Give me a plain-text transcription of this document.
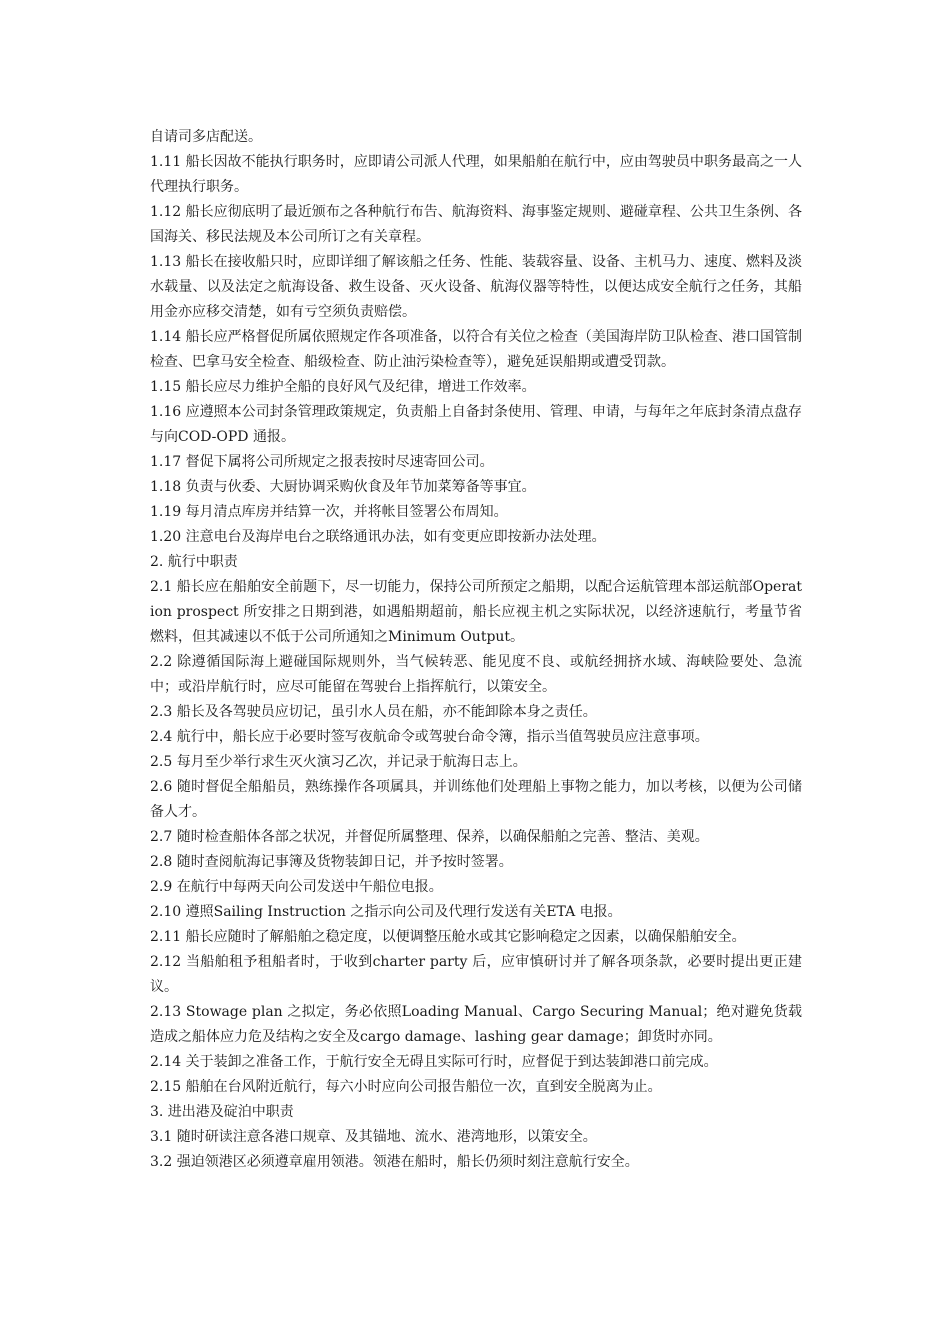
自请司多店配送。

1.11 船长因故不能执行职务时，应即请公司派人代理，如果船舶在航行中，应由驾驶员中职务最高之一人代理执行职务。

1.12 船长应彻底明了最近颁布之各种航行布告、航海资料、海事鉴定规则、避碰章程、公共卫生条例、各国海关、移民法规及本公司所订之有关章程。

1.13 船长在接收船只时，应即详细了解该船之任务、性能、装载容量、设备、主机马力、速度、燃料及淡水载量、以及法定之航海设备、救生设备、灭火设备、航海仪器等特性，以便达成安全航行之任务，其船用金亦应移交清楚，如有亏空须负责赔偿。

1.14 船长应严格督促所属依照规定作各项准备，以符合有关位之检查（美国海岸防卫队检查、港口国管制检查、巴拿马安全检查、船级检查、防止油污染检查等），避免延误船期或遭受罚款。

1.15 船长应尽力维护全船的良好风气及纪律，增进工作效率。

1.16 应遵照本公司封条管理政策规定，负责船上自备封条使用、管理、申请，与每年之年底封条清点盘存与向COD-OPD 通报。

1.17 督促下属将公司所规定之报表按时尽速寄回公司。

1.18 负责与伙委、大厨协调采购伙食及年节加菜筹备等事宜。

1.19 每月清点库房并结算一次，并将帐目签署公布周知。

1.20 注意电台及海岸电台之联络通讯办法，如有变更应即按新办法处理。

2. 航行中职责

2.1 船长应在船舶安全前题下，尽一切能力，保持公司所预定之船期，以配合运航管理本部运航部Operation prospect 所安排之日期到港，如遇船期超前，船长应视主机之实际状况，以经济速航行，考量节省燃料，但其减速以不低于公司所通知之Minimum Output。

2.2 除遵循国际海上避碰国际规则外，当气候转恶、能见度不良、或航经拥挤水域、海峡险要处、急流中；或沿岸航行时，应尽可能留在驾驶台上指挥航行，以策安全。

2.3 船长及各驾驶员应切记，虽引水人员在船，亦不能卸除本身之责任。

2.4 航行中，船长应于必要时签写夜航命令或驾驶台命令簿，指示当值驾驶员应注意事项。

2.5 每月至少举行求生灭火演习乙次，并记录于航海日志上。

2.6 随时督促全船船员，熟练操作各项属具，并训练他们处理船上事物之能力，加以考核，以便为公司储备人才。

2.7 随时检查船体各部之状况，并督促所属整理、保养，以确保船舶之完善、整洁、美观。

2.8 随时查阅航海记事簿及货物装卸日记，并予按时签署。

2.9 在航行中每两天向公司发送中午船位电报。

2.10 遵照Sailing Instruction 之指示向公司及代理行发送有关ETA 电报。

2.11 船长应随时了解船舶之稳定度，以便调整压舱水或其它影响稳定之因素，以确保船舶安全。

2.12 当船舶租予租船者时，于收到charter party 后，应审慎研讨并了解各项条款，必要时提出更正建议。

2.13 Stowage plan 之拟定，务必依照Loading Manual、Cargo Securing Manual；绝对避免货载造成之船体应力危及结构之安全及cargo damage、lashing gear damage；卸货时亦同。

2.14 关于装卸之准备工作，于航行安全无碍且实际可行时，应督促于到达装卸港口前完成。

2.15 船舶在台风附近航行，每六小时应向公司报告船位一次，直到安全脱离为止。

3. 进出港及碇泊中职责

3.1 随时研读注意各港口规章、及其锚地、流水、港湾地形，以策安全。

3.2 强迫领港区必须遵章雇用领港。领港在船时，船长仍须时刻注意航行安全。
